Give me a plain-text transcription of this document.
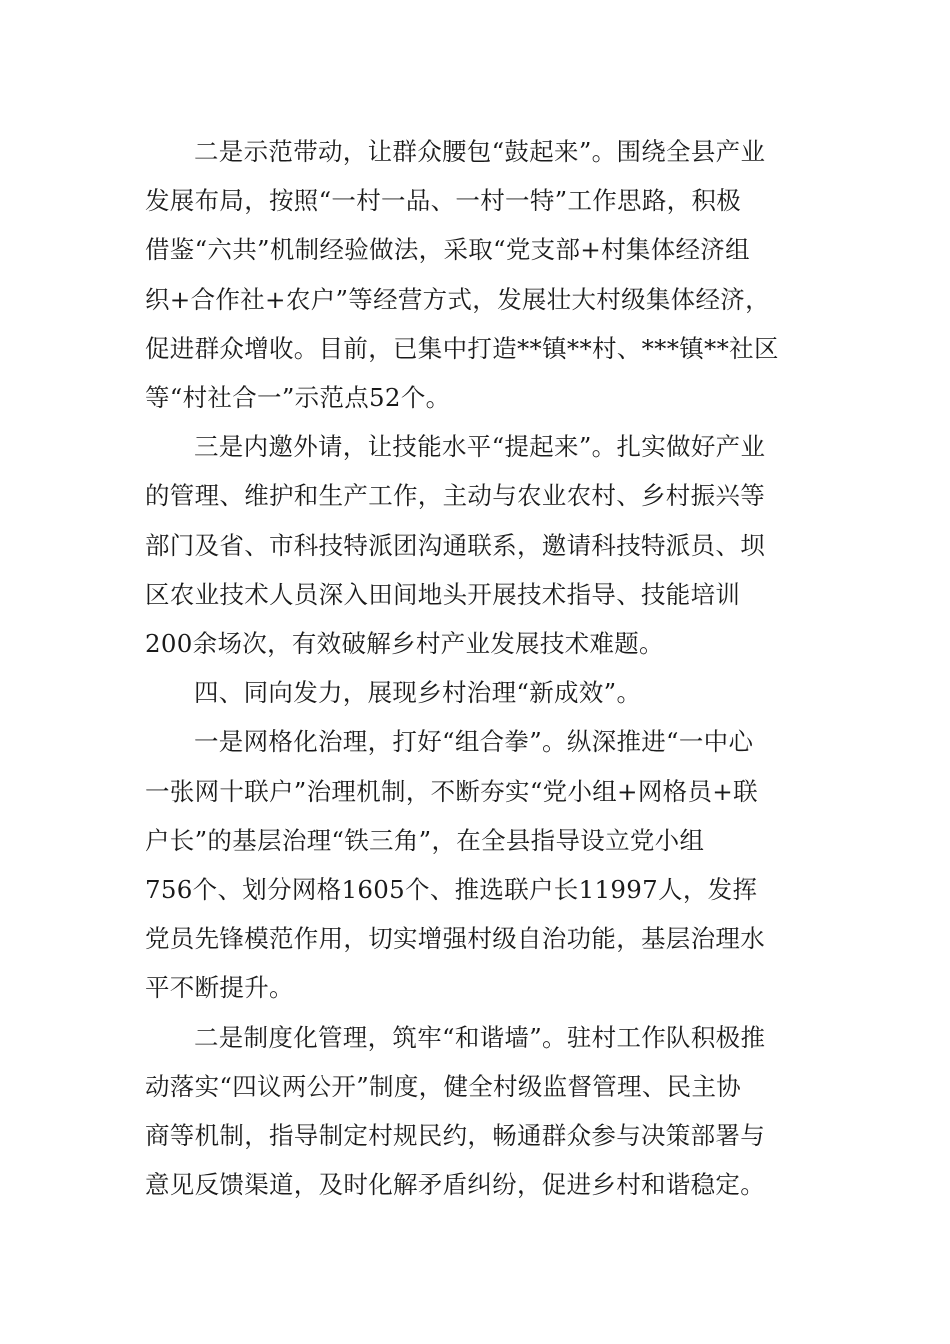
二是示范带动，让群众腰包“鼓起来”。围绕全县产业
发展布局，按照“一村一品、一村一特”工作思路，积极
借鉴“六共”机制经验做法，采取“党支部+村集体经济组
织+合作社+农户”等经营方式，发展壮大村级集体经济，
促进群众增收。目前，已集中打造**镇**村、***镇**社区
等“村社合一”示范点52个。

三是内邀外请，让技能水平“提起来”。扎实做好产业
的管理、维护和生产工作，主动与农业农村、乡村振兴等
部门及省、市科技特派团沟通联系，邀请科技特派员、坝
区农业技术人员深入田间地头开展技术指导、技能培训
200余场次，有效破解乡村产业发展技术难题。

四、同向发力，展现乡村治理“新成效”。

一是网格化治理，打好“组合拳”。纵深推进“一中心
一张网十联户”治理机制，不断夯实“党小组+网格员+联
户长”的基层治理“铁三角”，在全县指导设立党小组
756个、划分网格1605个、推选联户长11997人，发挥
党员先锋模范作用，切实增强村级自治功能，基层治理水
平不断提升。

二是制度化管理，筑牢“和谐墙”。驻村工作队积极推
动落实“四议两公开”制度，健全村级监督管理、民主协
商等机制，指导制定村规民约，畅通群众参与决策部署与
意见反馈渠道，及时化解矛盾纠纷，促进乡村和谐稳定。
